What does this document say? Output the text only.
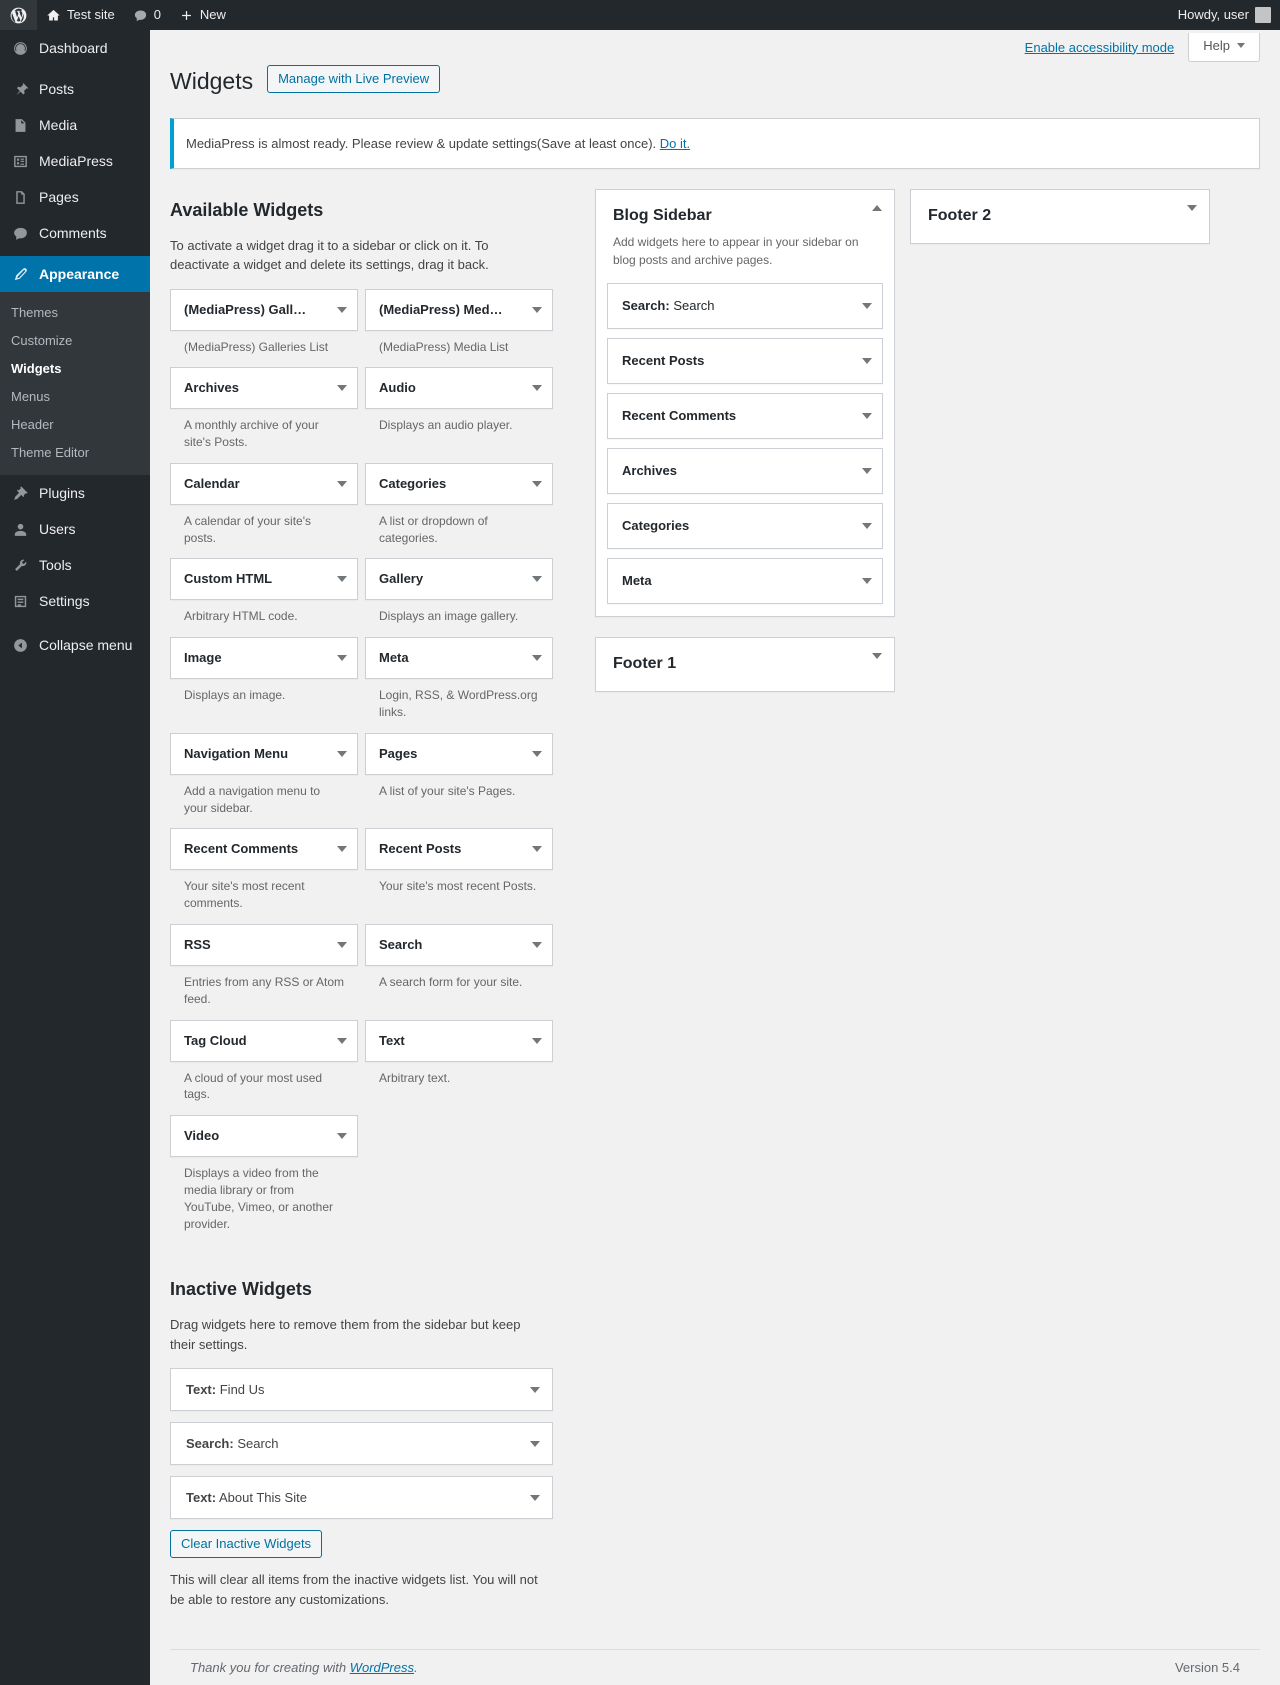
Test site	0	New	Howdy, user
Dashboard
Posts
Media
MediaPress
Pages
Comments
Appearance
Themes
Customize
Widgets
Menus
Header
Theme Editor
Plugins
Users
Tools
Settings
Collapse menu
Enable accessibility mode	Help
Widgets	Manage with Live Preview

MediaPress is almost ready. Please review & update settings(Save at least once). Do it.

Available Widgets

To activate a widget drag it to a sidebar or click on it. To deactivate a widget and delete its settings, drag it back.

(MediaPress) Gall…
(MediaPress) Galleries List
(MediaPress) Med…
(MediaPress) Media List
Archives
A monthly archive of your site's Posts.
Audio
Displays an audio player.
Calendar
A calendar of your site's posts.
Categories
A list or dropdown of categories.
Custom HTML
Arbitrary HTML code.
Gallery
Displays an image gallery.
Image
Displays an image.
Meta
Login, RSS, & WordPress.org links.
Navigation Menu
Add a navigation menu to your sidebar.
Pages
A list of your site's Pages.
Recent Comments
Your site's most recent comments.
Recent Posts
Your site's most recent Posts.
RSS
Entries from any RSS or Atom feed.
Search
A search form for your site.
Tag Cloud
A cloud of your most used tags.
Text
Arbitrary text.
Video
Displays a video from the media library or from YouTube, Vimeo, or another provider.
Inactive Widgets

Drag widgets here to remove them from the sidebar but keep their settings.

Text: Find Us
Search: Search
Text: About This Site
Clear Inactive Widgets

This will clear all items from the inactive widgets list. You will not be able to restore any customizations.

Blog Sidebar

Add widgets here to appear in your sidebar on blog posts and archive pages.

Search: Search
Recent Posts
Recent Comments
Archives
Categories
Meta
Footer 1
Footer 2
Thank you for creating with WordPress.	Version 5.4
